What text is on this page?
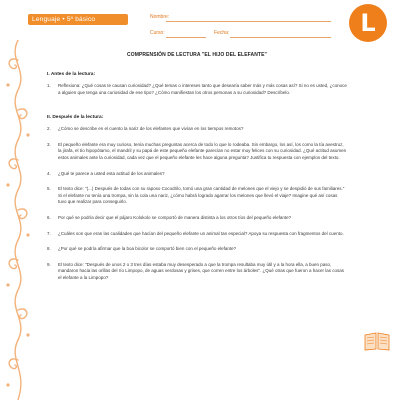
Lenguaje • 5º básico	Nombre:
Curso:	Fecha:	L
COMPRENSIÓN DE LECTURA "EL HIJO DEL ELEFANTE"
I. Antes de la lectura:
1. Reflexiona: ¿Qué cosas te causan curiosidad? ¿Qué temas o intereses tanto que desearía saber más y más cosas así? Si no es usted, ¿conoce a alguien que tenga una curiosidad de ese tipo? ¿Cómo manifiestan los otros personas a su curiosidad? Descríbelo.
II. Después de la lectura:
2. ¿Cómo se describe en el cuento la nariz de los elefantes que vivían en los tiempos remotos?
3. El pequeño elefante era muy curioso, tenía muchas preguntas acerca de todo lo que lo rodeaba. Sin embargo, los así, los como la tía avestruz, la jirafa, el tío hipopótamo, el mandril y su papá de este pequeño elefante parecían no estar muy felices con su curiosidad. ¿Qué actitud asumen estos animales ante la curiosidad, cada vez que el pequeño elefante les hace alguna pregunta? Justifica tu respuesta con ejemplos del texto.
4. ¿Qué te parece a usted esta actitud de los animales?
5. El texto dice: "(...) Después de todas con su raposo Cocodrilo, tomó una gran cantidad de melones que el viejo y se despidió de sus familiares." Si el elefante no tenía una trompa, sin la cola una nariz, ¿cómo habrá logrado agarrar los melones que llevó el viaje? Imagine qué así cosas tuvo que realizar para conseguirlo.
6. Por qué se podría decir que el pájaro Kolokolo se comportó de manera distinta a los otros tíos del pequeño elefante?
7. ¿Cuáles son que eran las cualidades que hacían del pequeño elefante un animal tan especial? Apoya su respuesta con fragmentos del cuento.
8. ¿Por qué se podría afirmar que la boa bicolor se comportó bien con el pequeño elefante?
9. El texto dice: "Después de unos 2 o 3 tres días estaba muy desesperado a que la trompa resultaba muy útil y a la hora ella, a buen paso, mandaron hacia las orillas del río Limpopo, de aguas verdosas y grises, que corren entre los árboles". ¿Qué otras que fueron a hacer las cosas el elefante a la Limpopo?
